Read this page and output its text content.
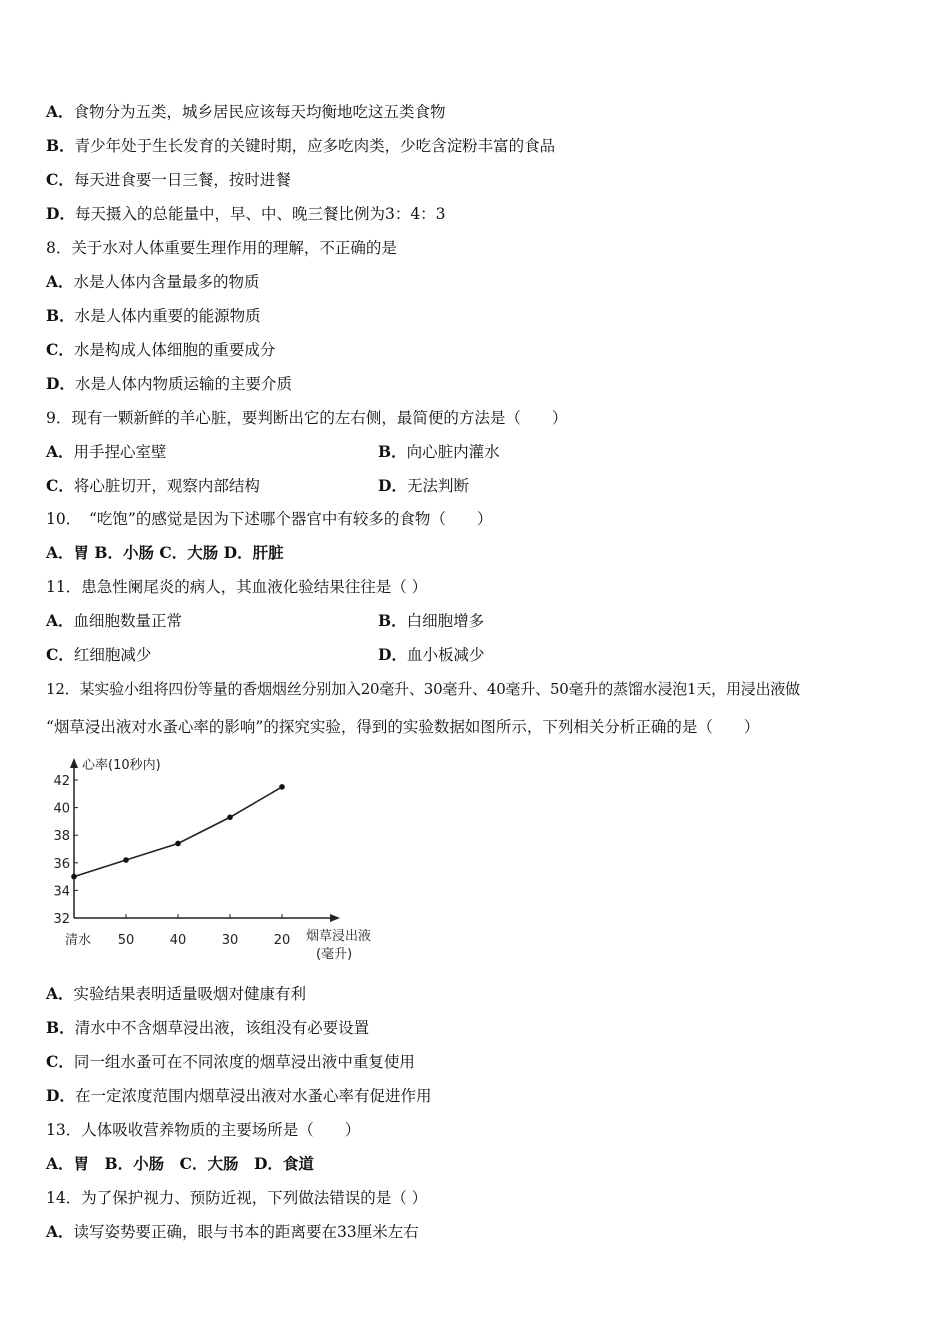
A．食物分为五类，城乡居民应该每天均衡地吃这五类食物
B．青少年处于生长发育的关键时期，应多吃肉类，少吃含淀粉丰富的食品
C．每天进食要一日三餐，按时进餐
D．每天摄入的总能量中，早、中、晚三餐比例为3：4：3
8．关于水对人体重要生理作用的理解，不正确的是
A．水是人体内含量最多的物质
B．水是人体内重要的能源物质
C．水是构成人体细胞的重要成分
D．水是人体内物质运输的主要介质
9．现有一颗新鲜的羊心脏，要判断出它的左右侧，最简便的方法是（　　）
A．用手捏心室壁	B．向心脏内灌水
C．将心脏切开，观察内部结构	D．无法判断
10．　“吃饱”的感觉是因为下述哪个器官中有较多的食物（　　）
A．胃 B．小肠 C．大肠 D．肝脏
11．患急性阑尾炎的病人，其血液化验结果往往是（ ）
A．血细胞数量正常	B．白细胞增多
C．红细胞减少	D．血小板减少
12．某实验小组将四份等量的香烟烟丝分别加入20毫升、30毫升、40毫升、50毫升的蒸馏水浸泡1天，用浸出液做
“烟草浸出液对水蚤心率的影响”的探究实验，得到的实验数据如图所示，下列相关分析正确的是（　　）
32
34
36
38
40
42
清水 50	40	30	20
心率(10秒内)
烟草浸出液
(毫升)
A．实验结果表明适量吸烟对健康有利
B．清水中不含烟草浸出液，该组没有必要设置
C．同一组水蚤可在不同浓度的烟草浸出液中重复使用
D．在一定浓度范围内烟草浸出液对水蚤心率有促进作用
13．人体吸收营养物质的主要场所是（　　）
A．胃　B．小肠　C．大肠　D．食道
14．为了保护视力、预防近视，下列做法错误的是（ ）
A．读写姿势要正确，眼与书本的距离要在33厘米左右
